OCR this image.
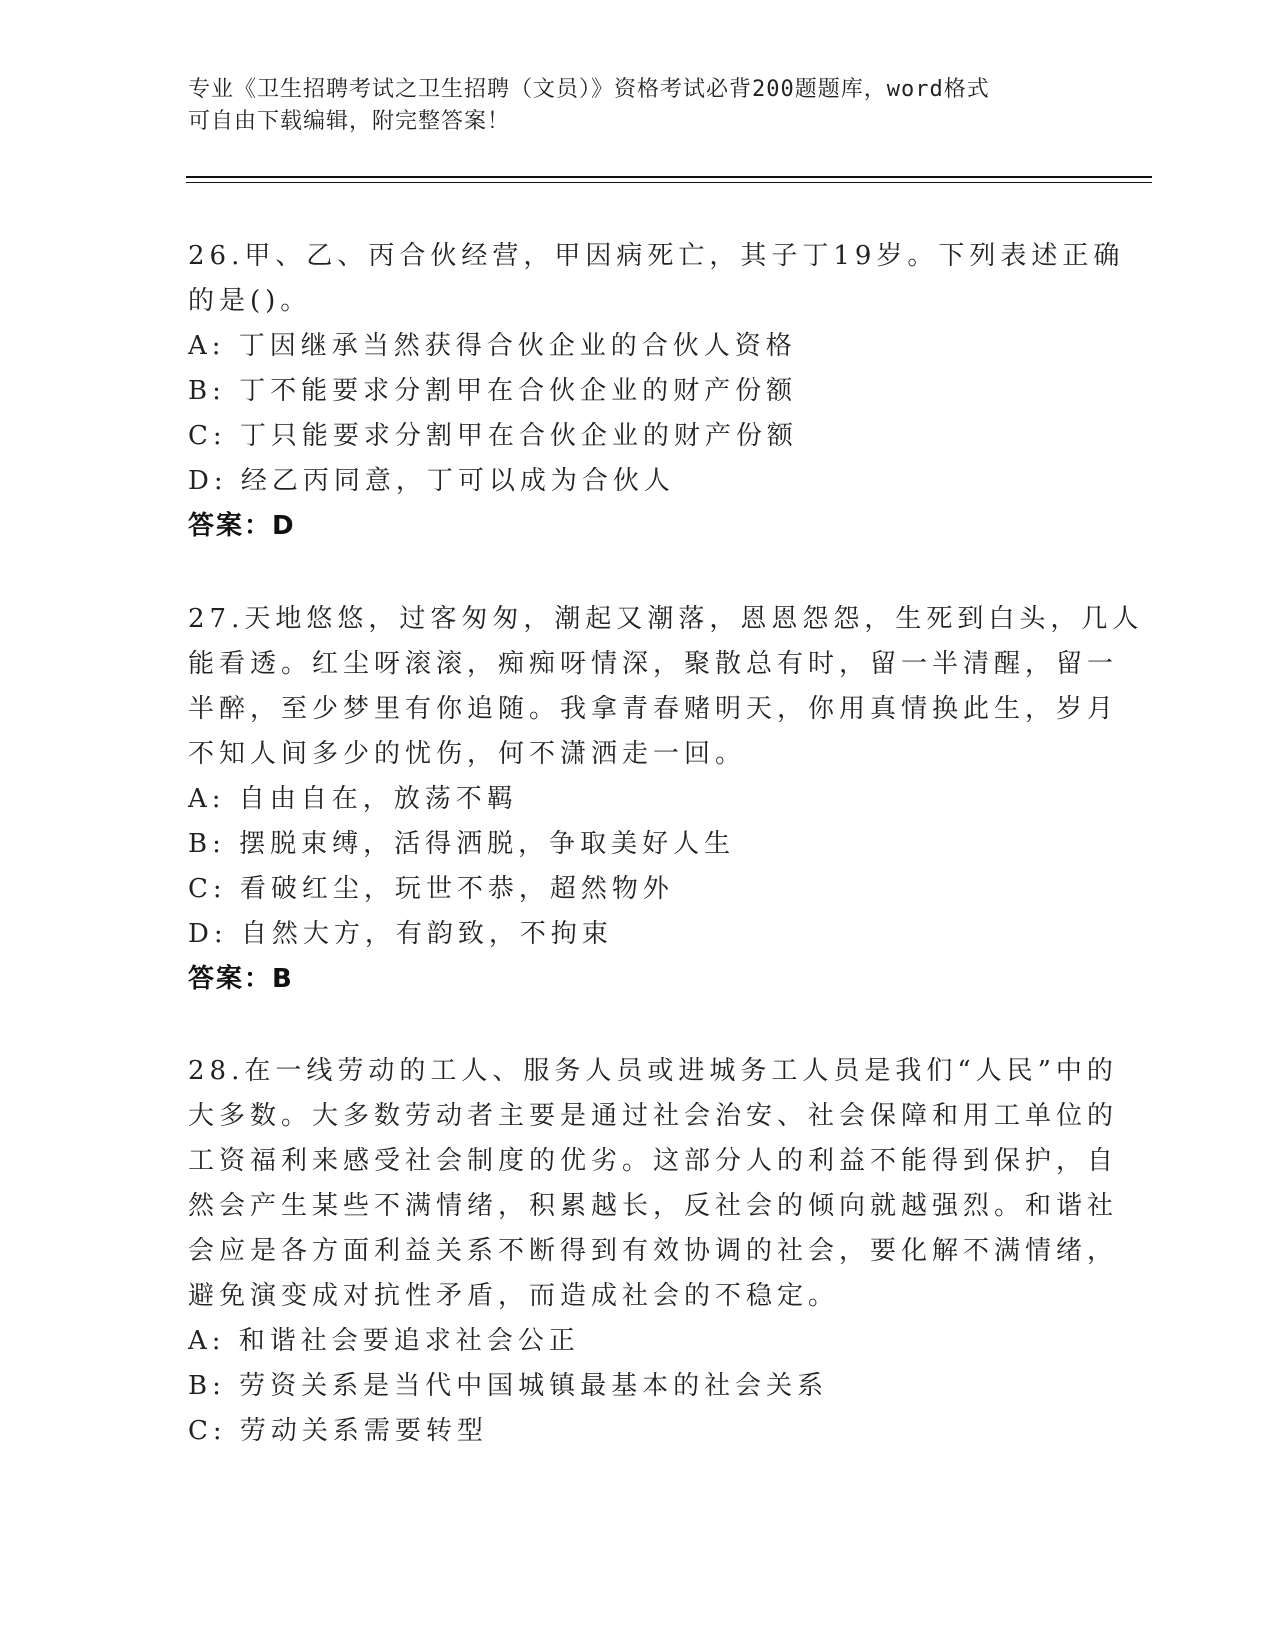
专业《卫生招聘考试之卫生招聘（文员）》资格考试必背200题题库，word格式
可自由下载编辑，附完整答案！
26.甲、乙、丙合伙经营，甲因病死亡，其子丁19岁。下列表述正确
的是()。
A: 丁因继承当然获得合伙企业的合伙人资格
B: 丁不能要求分割甲在合伙企业的财产份额
C: 丁只能要求分割甲在合伙企业的财产份额
D: 经乙丙同意，丁可以成为合伙人
答案：D
27.天地悠悠，过客匆匆，潮起又潮落，恩恩怨怨，生死到白头，几人
能看透。红尘呀滚滚，痴痴呀情深，聚散总有时，留一半清醒，留一
半醉，至少梦里有你追随。我拿青春赌明天，你用真情换此生，岁月
不知人间多少的忧伤，何不潇洒走一回。
A: 自由自在，放荡不羁
B: 摆脱束缚，活得洒脱，争取美好人生
C: 看破红尘，玩世不恭，超然物外
D: 自然大方，有韵致，不拘束
答案：B
28.在一线劳动的工人、服务人员或进城务工人员是我们“人民”中的
大多数。大多数劳动者主要是通过社会治安、社会保障和用工单位的
工资福利来感受社会制度的优劣。这部分人的利益不能得到保护，自
然会产生某些不满情绪，积累越长，反社会的倾向就越强烈。和谐社
会应是各方面利益关系不断得到有效协调的社会，要化解不满情绪，
避免演变成对抗性矛盾，而造成社会的不稳定。
A: 和谐社会要追求社会公正
B: 劳资关系是当代中国城镇最基本的社会关系
C: 劳动关系需要转型
